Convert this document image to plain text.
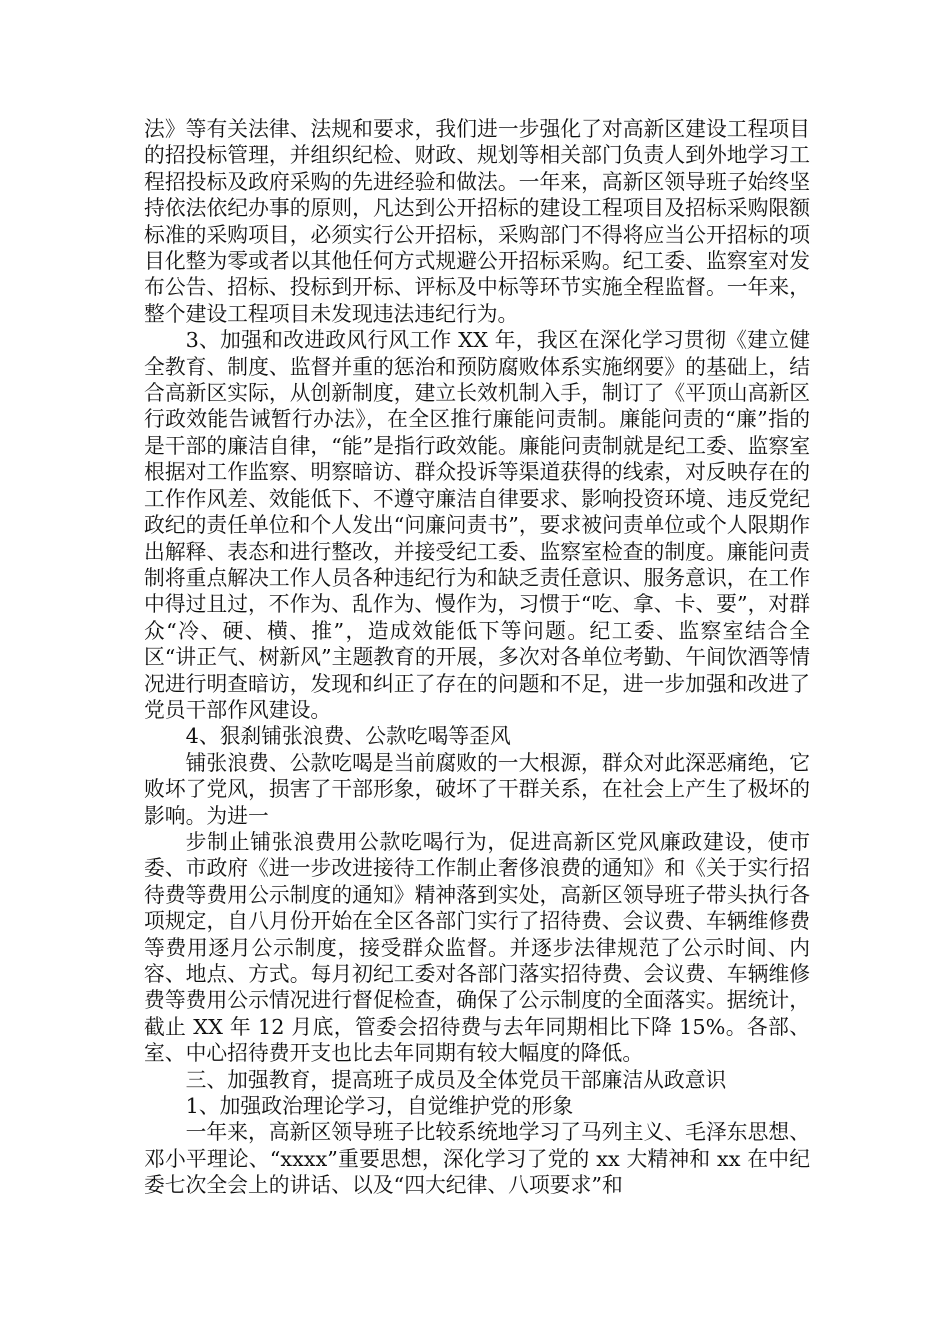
法》等有关法律、法规和要求，我们进一步强化了对高新区建设工程项目的招投标管理，并组织纪检、财政、规划等相关部门负责人到外地学习工程招投标及政府采购的先进经验和做法。一年来，高新区领导班子始终坚持依法依纪办事的原则，凡达到公开招标的建设工程项目及招标采购限额标准的采购项目，必须实行公开招标，采购部门不得将应当公开招标的项目化整为零或者以其他任何方式规避公开招标采购。纪工委、监察室对发布公告、招标、投标到开标、评标及中标等环节实施全程监督。一年来，整个建设工程项目未发现违法违纪行为。

3、加强和改进政风行风工作 XX 年，我区在深化学习贯彻《建立健全教育、制度、监督并重的惩治和预防腐败体系实施纲要》的基础上，结合高新区实际，从创新制度，建立长效机制入手，制订了《平顶山高新区行政效能告诫暂行办法》，在全区推行廉能问责制。廉能问责的“廉”指的是干部的廉洁自律，“能”是指行政效能。廉能问责制就是纪工委、监察室根据对工作监察、明察暗访、群众投诉等渠道获得的线索，对反映存在的工作作风差、效能低下、不遵守廉洁自律要求、影响投资环境、违反党纪政纪的责任单位和个人发出“问廉问责书”，要求被问责单位或个人限期作出解释、表态和进行整改，并接受纪工委、监察室检查的制度。廉能问责制将重点解决工作人员各种违纪行为和缺乏责任意识、服务意识，在工作中得过且过，不作为、乱作为、慢作为，习惯于“吃、拿、卡、要”，对群众“冷、硬、横、推”，造成效能低下等问题。纪工委、监察室结合全区“讲正气、树新风”主题教育的开展，多次对各单位考勤、午间饮酒等情况进行明查暗访，发现和纠正了存在的问题和不足，进一步加强和改进了党员干部作风建设。

4、狠刹铺张浪费、公款吃喝等歪风

铺张浪费、公款吃喝是当前腐败的一大根源，群众对此深恶痛绝，它败坏了党风，损害了干部形象，破坏了干群关系，在社会上产生了极坏的影响。为进一

步制止铺张浪费用公款吃喝行为，促进高新区党风廉政建设，使市委、市政府《进一步改进接待工作制止奢侈浪费的通知》和《关于实行招待费等费用公示制度的通知》精神落到实处，高新区领导班子带头执行各项规定，自八月份开始在全区各部门实行了招待费、会议费、车辆维修费等费用逐月公示制度，接受群众监督。并逐步法律规范了公示时间、内容、地点、方式。每月初纪工委对各部门落实招待费、会议费、车辆维修费等费用公示情况进行督促检查，确保了公示制度的全面落实。据统计，截止 XX 年 12 月底，管委会招待费与去年同期相比下降 15%。各部、室、中心招待费开支也比去年同期有较大幅度的降低。

三、加强教育，提高班子成员及全体党员干部廉洁从政意识

1、加强政治理论学习，自觉维护党的形象

一年来，高新区领导班子比较系统地学习了马列主义、毛泽东思想、邓小平理论、“xxxx”重要思想，深化学习了党的 xx 大精神和 xx 在中纪委七次全会上的讲话、以及“四大纪律、八项要求”和
